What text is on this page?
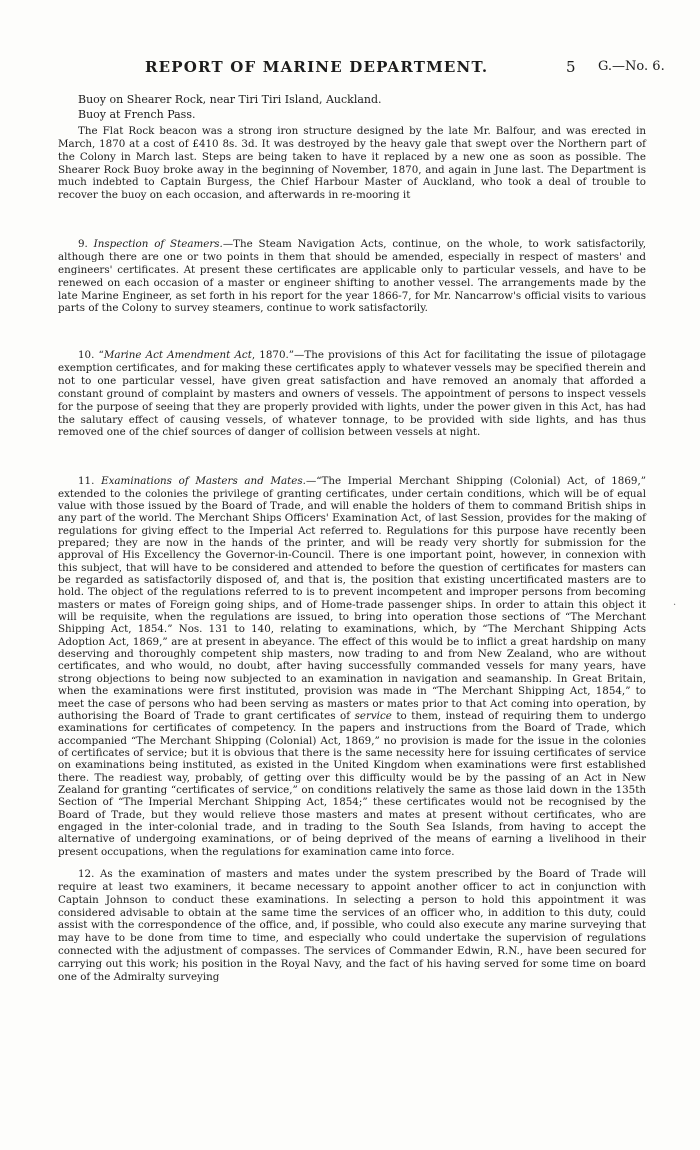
REPORT OF MARINE DEPARTMENT.	5 G.—No. 6.
Buoy on Shearer Rock, near Tiri Tiri Island, Auckland.
Buoy at French Pass.

The Flat Rock beacon was a strong iron structure designed by the late Mr. Balfour, and was erected in March, 1870 at a cost of £410 8s. 3d. It was destroyed by the heavy gale that swept over the Northern part of the Colony in March last. Steps are being taken to have it replaced by a new one as soon as possible. The Shearer Rock Buoy broke away in the beginning of November, 1870, and again in June last. The Department is much indebted to Captain Burgess, the Chief Harbour Master of Auckland, who took a deal of trouble to recover the buoy on each occasion, and afterwards in re-mooring it

9. Inspection of Steamers.—The Steam Navigation Acts, continue, on the whole, to work satisfactorily, although there are one or two points in them that should be amended, especially in respect of masters' and engineers' certificates. At present these certificates are applicable only to particular vessels, and have to be renewed on each occasion of a master or engineer shifting to another vessel. The arrangements made by the late Marine Engineer, as set forth in his report for the year 1866-7, for Mr. Nancarrow's official visits to various parts of the Colony to survey steamers, continue to work satisfactorily.

10. “Marine Act Amendment Act, 1870.”—The provisions of this Act for facilitating the issue of pilotagage exemption certificates, and for making these certificates apply to whatever vessels may be specified therein and not to one particular vessel, have given great satisfaction and have removed an anomaly that afforded a constant ground of complaint by masters and owners of vessels. The appointment of persons to inspect vessels for the purpose of seeing that they are properly provided with lights, under the power given in this Act, has had the salutary effect of causing vessels, of whatever tonnage, to be provided with side lights, and has thus removed one of the chief sources of danger of collision between vessels at night.

11. Examinations of Masters and Mates.—“The Imperial Merchant Shipping (Colonial) Act, of 1869,” extended to the colonies the privilege of granting certificates, under certain conditions, which will be of equal value with those issued by the Board of Trade, and will enable the holders of them to command British ships in any part of the world. The Merchant Ships Officers' Examination Act, of last Session, provides for the making of regulations for giving effect to the Imperial Act referred to. Regulations for this purpose have recently been prepared; they are now in the hands of the printer, and will be ready very shortly for submission for the approval of His Excellency the Governor-in-Council. There is one important point, however, in connexion with this subject, that will have to be considered and attended to before the question of certificates for masters can be regarded as satisfactorily disposed of, and that is, the position that existing uncertificated masters are to hold. The object of the regulations referred to is to prevent incompetent and improper persons from becoming masters or mates of Foreign going ships, and of Home-trade passenger ships. In order to attain this object it will be requisite, when the regulations are issued, to bring into operation those sections of “The Merchant Shipping Act, 1854.” Nos. 131 to 140, relating to examinations, which, by “The Merchant Shipping Acts Adoption Act, 1869,” are at present in abeyance. The effect of this would be to inflict a great hardship on many deserving and thoroughly competent ship masters, now trading to and from New Zealand, who are without certificates, and who would, no doubt, after having successfully commanded vessels for many years, have strong objections to being now subjected to an examination in navigation and seamanship. In Great Britain, when the examinations were first instituted, provision was made in “The Merchant Shipping Act, 1854,” to meet the case of persons who had been serving as masters or mates prior to that Act coming into operation, by authorising the Board of Trade to grant certificates of service to them, instead of requiring them to undergo examinations for certificates of competency. In the papers and instructions from the Board of Trade, which accompanied “The Merchant Shipping (Colonial) Act, 1869,” no provision is made for the issue in the colonies of certificates of service; but it is obvious that there is the same necessity here for issuing certificates of service on examinations being instituted, as existed in the United Kingdom when examinations were first established there. The readiest way, probably, of getting over this difficulty would be by the passing of an Act in New Zealand for granting “certificates of service,” on conditions relatively the same as those laid down in the 135th Section of “The Imperial Merchant Shipping Act, 1854;” these certificates would not be recognised by the Board of Trade, but they would relieve those masters and mates at present without certificates, who are engaged in the inter-colonial trade, and in trading to the South Sea Islands, from having to accept the alternative of undergoing examinations, or of being deprived of the means of earning a livelihood in their present occupations, when the regulations for examination came into force.

12. As the examination of masters and mates under the system prescribed by the Board of Trade will require at least two examiners, it became necessary to appoint another officer to act in conjunction with Captain Johnson to conduct these examinations. In selecting a person to hold this appointment it was considered advisable to obtain at the same time the services of an officer who, in addition to this duty, could assist with the correspondence of the office, and, if possible, who could also execute any marine surveying that may have to be done from time to time, and especially who could undertake the supervision of regulations connected with the adjustment of compasses. The services of Commander Edwin, R.N., have been secured for carrying out this work; his position in the Royal Navy, and the fact of his having served for some time on board one of the Admiralty surveying

·
